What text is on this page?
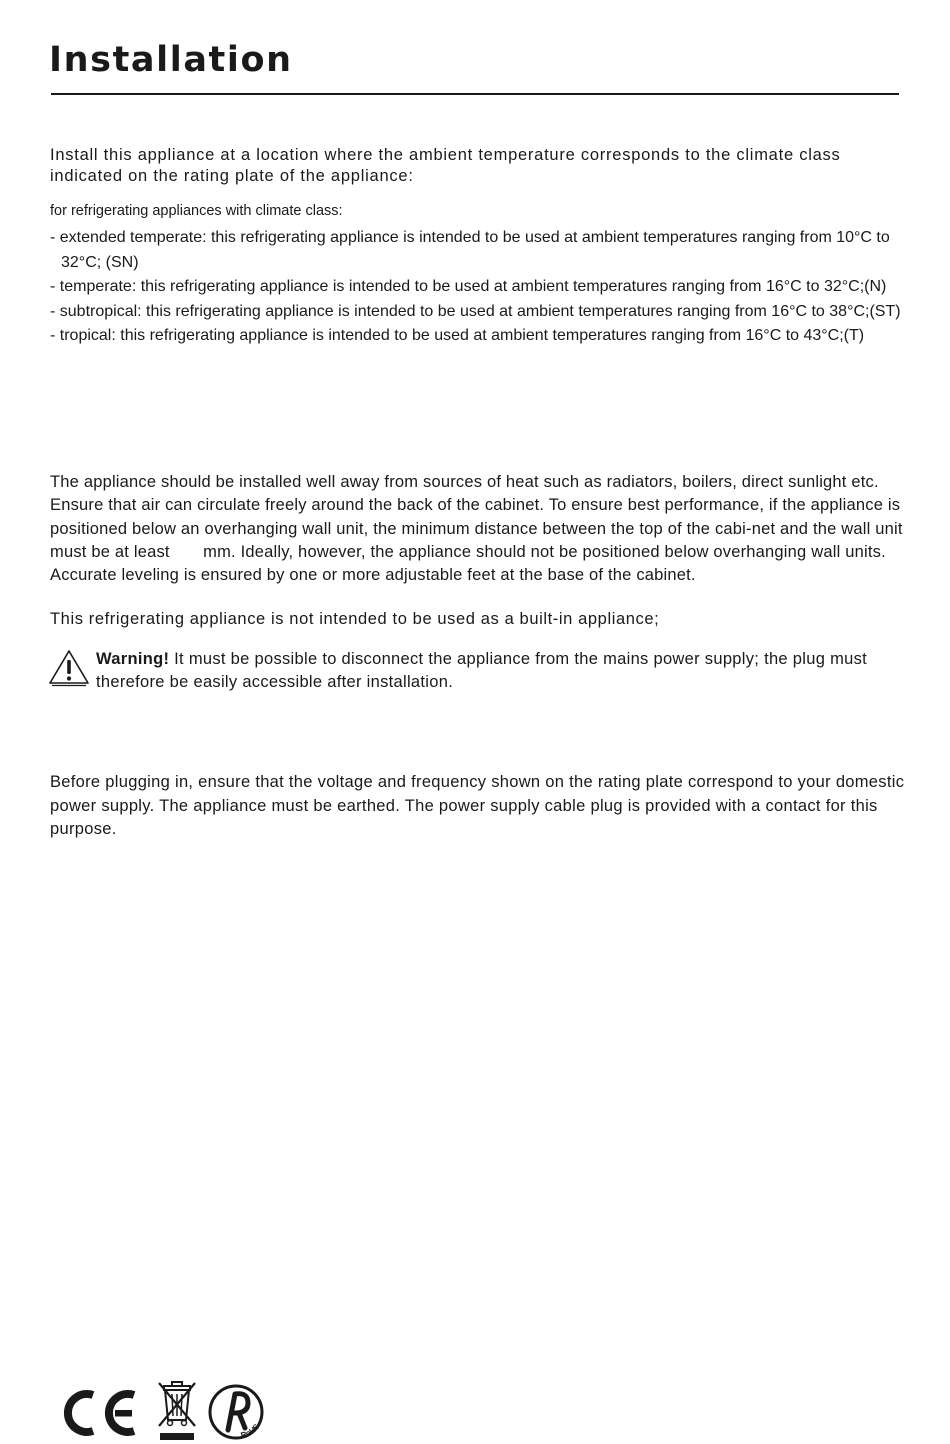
Installation

Install this appliance at a location where the ambient temperature corresponds to the climate class indicated on the rating plate of the appliance:

for refrigerating appliances with climate class:

- extended temperate: this refrigerating appliance is intended to be used at ambient temperatures ranging from 10°C to 32°C; (SN)
- temperate: this refrigerating appliance is intended to be used at ambient temperatures ranging from 16°C to 32°C;(N)
- subtropical: this refrigerating appliance is intended to be used at ambient temperatures ranging from 16°C to 38°C;(ST)
- tropical: this refrigerating appliance is intended to be used at ambient temperatures ranging from 16°C to 43°C;(T)

The appliance should be installed well away from sources of heat such as radiators, boilers, direct sunlight etc. Ensure that air can circulate freely around the back of the cabinet. To ensure best performance, if the appliance is positioned below an overhanging wall unit, the minimum distance between the top of the cabi-net and the wall unit must be at least       mm. Ideally, however, the appliance should not be positioned below overhanging wall units. Accurate leveling is ensured by one or more adjustable feet at the base of the cabinet.

This refrigerating appliance is not intended to be used as a built-in appliance;

Warning! It must be possible to disconnect the appliance from the mains power supply; the plug must therefore be easily accessible after installation.

Before plugging in, ensure that the voltage and frequency shown on the rating plate correspond to your domestic power supply. The appliance must be earthed. The power supply cable plug is provided with a contact for this purpose.

RoHS
